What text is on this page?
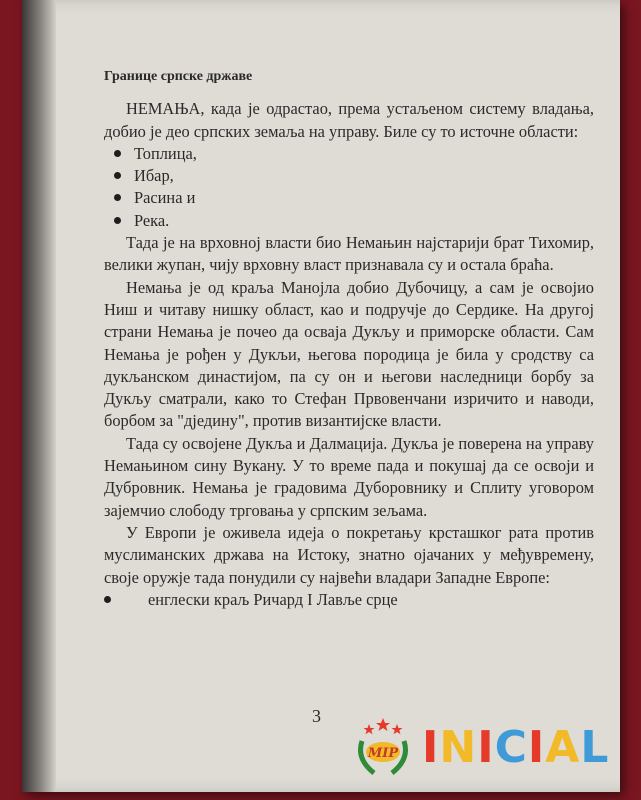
Границе српске државе

НЕМАЊА, када је одрастао, према устаљеном систему владања, добио је део српских земаља на управу. Биле су то источне области:

Топлица,
Ибар,
Расина и
Река.

Тада је на врховној власти био Немањин најстарији брат Тихомир, велики жупан, чију врховну власт признавала су и остала браћа.

Немања је од краља Манојла добио Дубочицу, а сам је освојио Ниш и читаву нишку област, као и подручје до Сердике. На другој страни Немања је почео да осваја Дукљу и приморске области. Сам Немања је рођен у Дукљи, његова породица је била у сродству са дукљанском династијом, па су он и његови наследници борбу за Дукљу сматрали, како то Стефан Првовенчани изричито и наводи, борбом за "дједину", против византијске власти.

Тада су освојене Дукља и Далмација. Дукља је поверена на управу Немањином сину Вукану. У то време пада и покушај да се освоји и Дубровник. Немања је градовима Дуборовнику и Сплиту уговором зајемчио слободу трговања у српским зељама.

У Европи је оживела идеја о покретању крсташког рата против муслиманских држава на Истоку, знатно ојачаних у међувремену, своје оружје тада понудили су највећи владари Западне Европе:

енглески краљ Ричард I Лавље срце
3
MIP INICIAL
